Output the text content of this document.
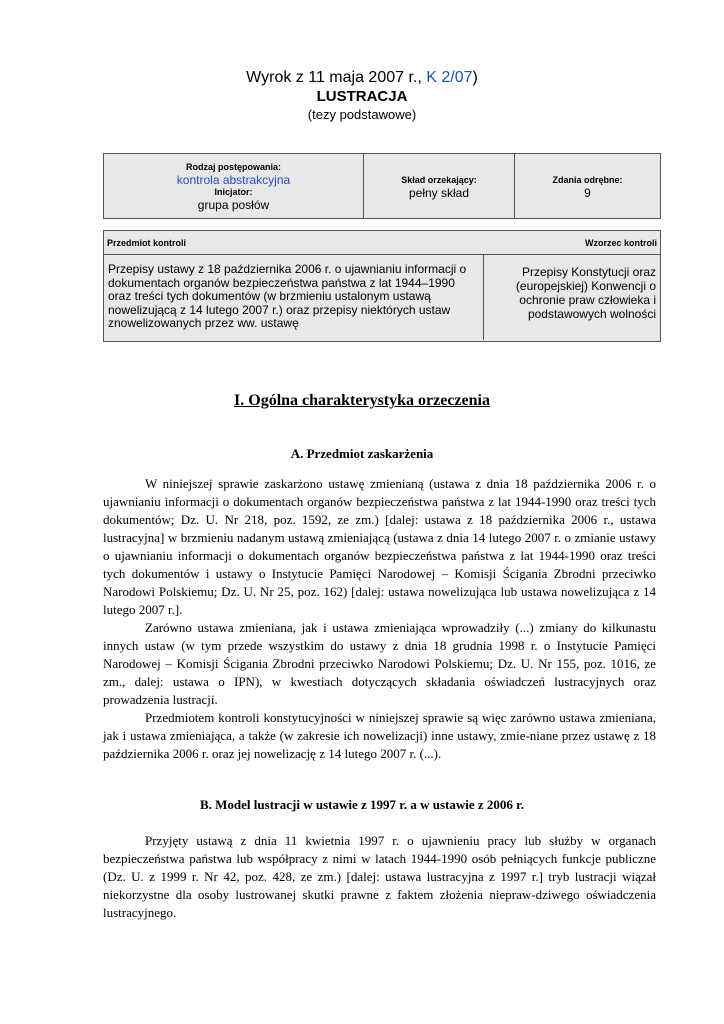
Wyrok z 11 maja 2007 r., K 2/07)
LUSTRACJA
(tezy podstawowe)
Rodzaj postępowania:
kontrola abstrakcyjna
Inicjator:
grupa posłów
Skład orzekający:
pełny skład
Zdania odrębne:
9
Przedmiot kontroli	Wzorzec kontroli
Przepisy ustawy z 18 października 2006 r. o ujawnianiu informacji o dokumentach organów bezpieczeństwa państwa z lat 1944–1990 oraz treści tych dokumentów (w brzmieniu ustalonym ustawą nowelizującą z 14 lutego 2007 r.) oraz przepisy niektórych ustaw znowelizowanych przez ww. ustawę
Przepisy Konstytucji oraz (europejskiej) Konwencji o ochronie praw człowieka i podstawowych wolności
I. Ogólna charakterystyka orzeczenia
A. Przedmiot zaskarżenia

W niniejszej sprawie zaskarżono ustawę zmienianą (ustawa z dnia 18 października 2006 r. o ujawnianiu informacji o dokumentach organów bezpieczeństwa państwa z lat 1944-1990 oraz treści tych dokumentów; Dz. U. Nr 218, poz. 1592, ze zm.) [dalej: ustawa z 18 października 2006 r., ustawa lustracyjna] w brzmieniu nadanym ustawą zmieniającą (ustawa z dnia 14 lutego 2007 r. o zmianie ustawy o ujawnianiu informacji o dokumentach organów bezpieczeństwa państwa z lat 1944-1990 oraz treści tych dokumentów i ustawy o Instytucie Pamięci Narodowej – Komisji Ścigania Zbrodni przeciwko Narodowi Polskiemu; Dz. U. Nr 25, poz. 162) [dalej: ustawa nowelizująca lub ustawa nowelizująca z 14 lutego 2007 r.].

Zarówno ustawa zmieniana, jak i ustawa zmieniająca wprowadziły (...) zmiany do kilkunastu innych ustaw (w tym przede wszystkim do ustawy z dnia 18 grudnia 1998 r. o Instytucie Pamięci Narodowej – Komisji Ścigania Zbrodni przeciwko Narodowi Polskiemu; Dz. U. Nr 155, poz. 1016, ze zm., dalej: ustawa o IPN), w kwestiach dotyczących składania oświadczeń lustracyjnych oraz prowadzenia lustracji.

Przedmiotem kontroli konstytucyjności w niniejszej sprawie są więc zarówno ustawa zmieniana, jak i ustawa zmieniająca, a także (w zakresie ich nowelizacji) inne ustawy, zmie-niane przez ustawę z 18 października 2006 r. oraz jej nowelizację z 14 lutego 2007 r. (...).

B. Model lustracji w ustawie z 1997 r. a w ustawie z 2006 r.

Przyjęty ustawą z dnia 11 kwietnia 1997 r. o ujawnieniu pracy lub służby w organach bezpieczeństwa państwa lub współpracy z nimi w latach 1944-1990 osób pełniących funkcje publiczne (Dz. U. z 1999 r. Nr 42, poz. 428, ze zm.) [dalej: ustawa lustracyjna z 1997 r.] tryb lustracji wiązał niekorzystne dla osoby lustrowanej skutki prawne z faktem złożenia niepraw-dziwego oświadczenia lustracyjnego.
